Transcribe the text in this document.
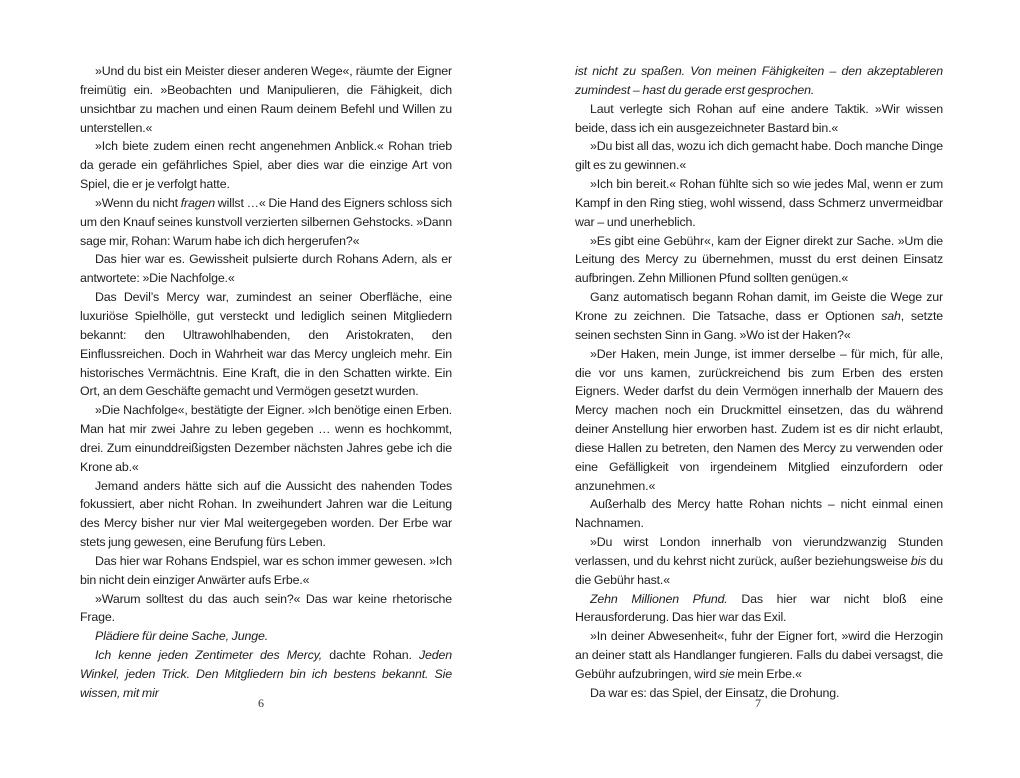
»Und du bist ein Meister dieser anderen Wege«, räumte der Eigner freimütig ein. »Beobachten und Manipulieren, die Fähigkeit, dich unsichtbar zu machen und einen Raum deinem Befehl und Willen zu unterstellen.«

»Ich biete zudem einen recht angenehmen Anblick.« Rohan trieb da gerade ein gefährliches Spiel, aber dies war die einzige Art von Spiel, die er je verfolgt hatte.

»Wenn du nicht fragen willst …« Die Hand des Eigners schloss sich um den Knauf seines kunstvoll verzierten silbernen Gehstocks. »Dann sage mir, Rohan: Warum habe ich dich hergerufen?«

Das hier war es. Gewissheit pulsierte durch Rohans Adern, als er antwortete: »Die Nachfolge.«

Das Devil’s Mercy war, zumindest an seiner Oberfläche, eine luxuriöse Spielhölle, gut versteckt und lediglich seinen Mitgliedern bekannt: den Ultrawohlhabenden, den Aristokraten, den Einflussreichen. Doch in Wahrheit war das Mercy ungleich mehr. Ein historisches Vermächtnis. Eine Kraft, die in den Schatten wirkte. Ein Ort, an dem Geschäfte gemacht und Vermögen gesetzt wurden.

»Die Nachfolge«, bestätigte der Eigner. »Ich benötige einen Erben. Man hat mir zwei Jahre zu leben gegeben … wenn es hochkommt, drei. Zum einunddreißigsten Dezember nächsten Jahres gebe ich die Krone ab.«

Jemand anders hätte sich auf die Aussicht des nahenden Todes fokussiert, aber nicht Rohan. In zweihundert Jahren war die Leitung des Mercy bisher nur vier Mal weitergegeben worden. Der Erbe war stets jung gewesen, eine Berufung fürs Leben.

Das hier war Rohans Endspiel, war es schon immer gewesen. »Ich bin nicht dein einziger Anwärter aufs Erbe.«

»Warum solltest du das auch sein?« Das war keine rhetorische Frage.

Plädiere für deine Sache, Junge.

Ich kenne jeden Zentimeter des Mercy, dachte Rohan. Jeden Winkel, jeden Trick. Den Mitgliedern bin ich bestens bekannt. Sie wissen, mit mir

6

ist nicht zu spaßen. Von meinen Fähigkeiten – den akzeptableren zumindest – hast du gerade erst gesprochen.

Laut verlegte sich Rohan auf eine andere Taktik. »Wir wissen beide, dass ich ein ausgezeichneter Bastard bin.«

»Du bist all das, wozu ich dich gemacht habe. Doch manche Dinge gilt es zu gewinnen.«

»Ich bin bereit.« Rohan fühlte sich so wie jedes Mal, wenn er zum Kampf in den Ring stieg, wohl wissend, dass Schmerz unvermeidbar war – und unerheblich.

»Es gibt eine Gebühr«, kam der Eigner direkt zur Sache. »Um die Leitung des Mercy zu übernehmen, musst du erst deinen Einsatz aufbringen. Zehn Millionen Pfund sollten genügen.«

Ganz automatisch begann Rohan damit, im Geiste die Wege zur Krone zu zeichnen. Die Tatsache, dass er Optionen sah, setzte seinen sechsten Sinn in Gang. »Wo ist der Haken?«

»Der Haken, mein Junge, ist immer derselbe – für mich, für alle, die vor uns kamen, zurückreichend bis zum Erben des ersten Eigners. Weder darfst du dein Vermögen innerhalb der Mauern des Mercy machen noch ein Druckmittel einsetzen, das du während deiner Anstellung hier erworben hast. Zudem ist es dir nicht erlaubt, diese Hallen zu betreten, den Namen des Mercy zu verwenden oder eine Gefälligkeit von irgendeinem Mitglied einzufordern oder anzunehmen.«

Außerhalb des Mercy hatte Rohan nichts – nicht einmal einen Nachnamen.

»Du wirst London innerhalb von vierundzwanzig Stunden verlassen, und du kehrst nicht zurück, außer beziehungsweise bis du die Gebühr hast.«

Zehn Millionen Pfund. Das hier war nicht bloß eine Herausforderung. Das hier war das Exil.

»In deiner Abwesenheit«, fuhr der Eigner fort, »wird die Herzogin an deiner statt als Handlanger fungieren. Falls du dabei versagst, die Gebühr aufzubringen, wird sie mein Erbe.«

Da war es: das Spiel, der Einsatz, die Drohung.

7
